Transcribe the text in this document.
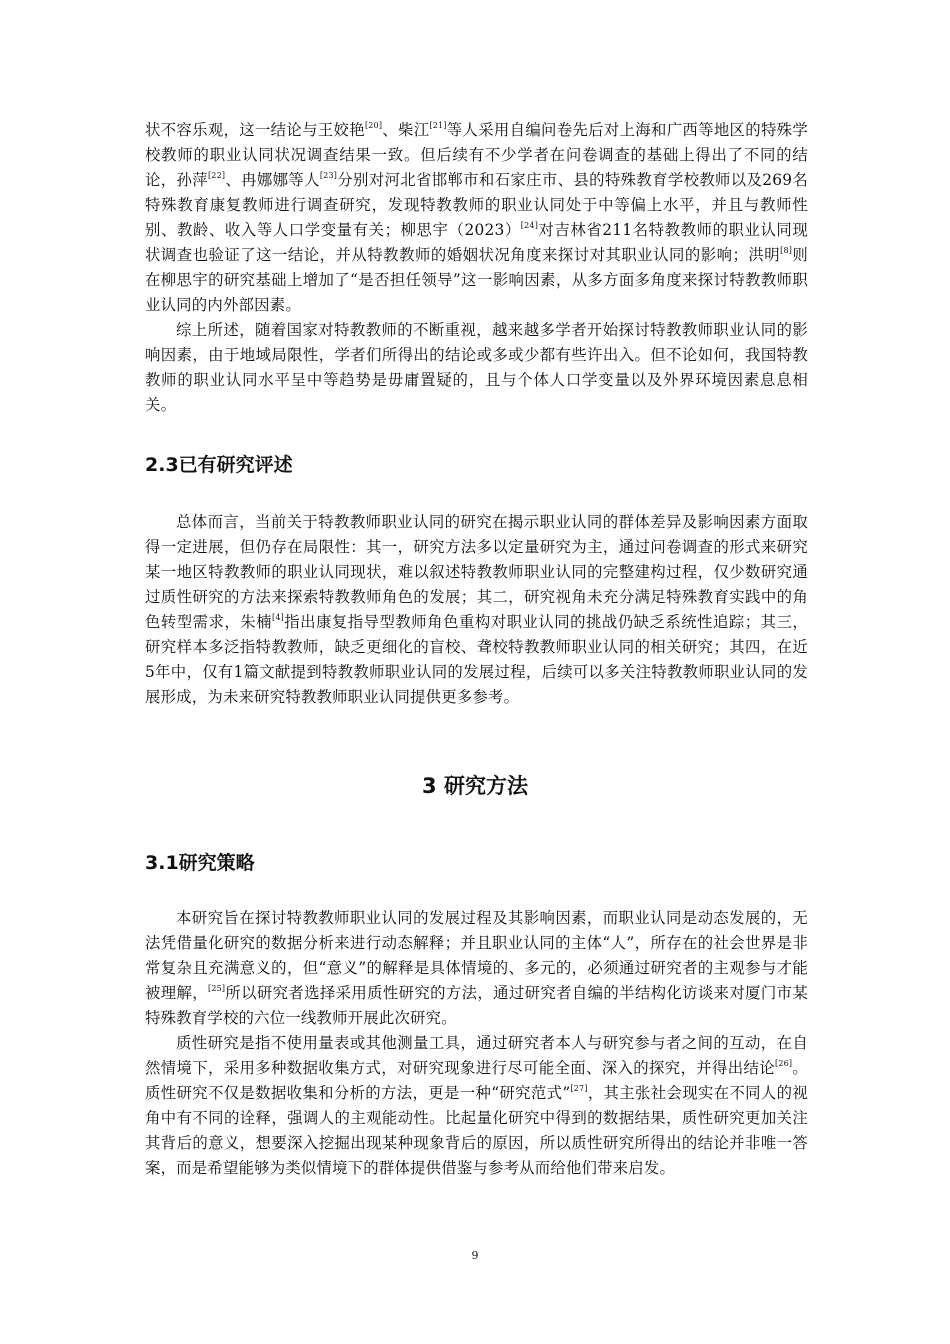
状不容乐观，这一结论与王姣艳[20]、柴江[21]等人采用自编问卷先后对上海和广西等地区的特殊学校教师的职业认同状况调查结果一致。但后续有不少学者在问卷调查的基础上得出了不同的结论，孙萍[22]、冉娜娜等人[23]分别对河北省邯郸市和石家庄市、县的特殊教育学校教师以及269名特殊教育康复教师进行调查研究，发现特教教师的职业认同处于中等偏上水平，并且与教师性别、教龄、收入等人口学变量有关；柳思宇（2023）[24]对吉林省211名特教教师的职业认同现状调查也验证了这一结论，并从特教教师的婚姻状况角度来探讨对其职业认同的影响；洪明[8]则在柳思宇的研究基础上增加了“是否担任领导”这一影响因素，从多方面多角度来探讨特教教师职业认同的内外部因素。

综上所述，随着国家对特教教师的不断重视，越来越多学者开始探讨特教教师职业认同的影响因素，由于地域局限性，学者们所得出的结论或多或少都有些许出入。但不论如何，我国特教教师的职业认同水平呈中等趋势是毋庸置疑的，且与个体人口学变量以及外界环境因素息息相关。

2.3已有研究评述

总体而言，当前关于特教教师职业认同的研究在揭示职业认同的群体差异及影响因素方面取得一定进展，但仍存在局限性：其一，研究方法多以定量研究为主，通过问卷调查的形式来研究某一地区特教教师的职业认同现状，难以叙述特教教师职业认同的完整建构过程，仅少数研究通过质性研究的方法来探索特教教师角色的发展；其二，研究视角未充分满足特殊教育实践中的角色转型需求，朱楠[4]指出康复指导型教师角色重构对职业认同的挑战仍缺乏系统性追踪；其三，研究样本多泛指特教教师，缺乏更细化的盲校、聋校特教教师职业认同的相关研究；其四，在近5年中，仅有1篇文献提到特教教师职业认同的发展过程，后续可以多关注特教教师职业认同的发展形成，为未来研究特教教师职业认同提供更多参考。

3 研究方法
3.1研究策略

本研究旨在探讨特教教师职业认同的发展过程及其影响因素，而职业认同是动态发展的，无法凭借量化研究的数据分析来进行动态解释；并且职业认同的主体“人”，所存在的社会世界是非常复杂且充满意义的，但“意义”的解释是具体情境的、多元的，必须通过研究者的主观参与才能被理解，[25]所以研究者选择采用质性研究的方法，通过研究者自编的半结构化访谈来对厦门市某特殊教育学校的六位一线教师开展此次研究。

质性研究是指不使用量表或其他测量工具，通过研究者本人与研究参与者之间的互动，在自然情境下，采用多种数据收集方式，对研究现象进行尽可能全面、深入的探究，并得出结论[26]。质性研究不仅是数据收集和分析的方法，更是一种“研究范式”[27]，其主张社会现实在不同人的视角中有不同的诠释，强调人的主观能动性。比起量化研究中得到的数据结果，质性研究更加关注其背后的意义，想要深入挖掘出现某种现象背后的原因，所以质性研究所得出的结论并非唯一答案，而是希望能够为类似情境下的群体提供借鉴与参考从而给他们带来启发。

9
